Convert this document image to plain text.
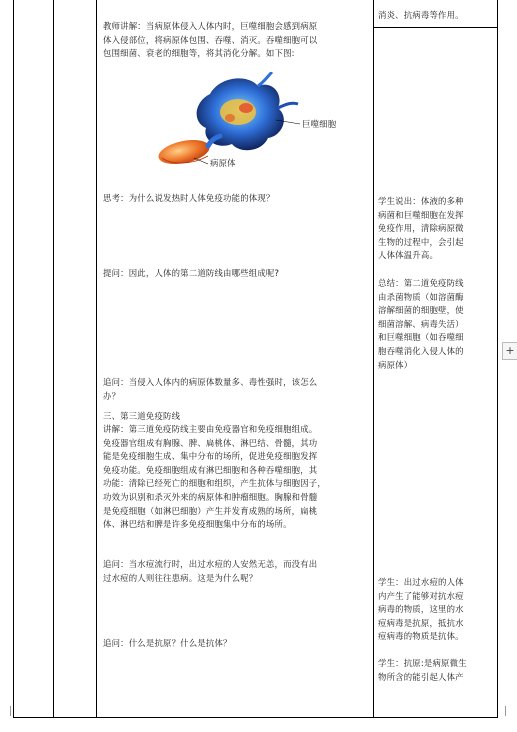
教师讲解：当病原体侵入人体内时，巨噬细胞会感到病原
体入侵部位，将病原体包围、吞噬、消灭。吞噬细胞可以
包围细菌、衰老的细胞等，将其消化分解。如下图:
巨噬细胞
病原体
思考：为什么说发热时人体免疫功能的体现？
提问：因此，人体的第二道防线由哪些组成呢?
追问：当侵入人体内的病原体数量多、毒性强时，该怎么
办？
三、第三道免疫防线
讲解：第三道免疫防线主要由免疫器官和免疫细胞组成。
免疫器官组成有胸腺、脾、扁桃体、淋巴结、骨髓，其功
能是免疫细胞生成、集中分布的场所，促进免疫细胞发挥
免疫功能。免疫细胞组成有淋巴细胞和各种吞噬细胞，其
功能：清除已经死亡的细胞和组织，产生抗体与细胞因子，
功效为识别和杀灭外来的病原体和肿瘤细胞。胸腺和骨髓
是免疫细胞（如淋巴细胞）产生并发育成熟的场所，扁桃
体、淋巴结和脾是许多免疫细胞集中分布的场所。
追问：当水痘流行时，出过水痘的人安然无恙，而没有出
过水痘的人则往往患病。这是为什么呢？
追问：什么是抗原？什么是抗体？
消炎、抗病毒等作用。
学生说出：体液的多种
病菌和巨噬细胞在发挥
免疫作用，清除病原微
生物的过程中，会引起
人体体温升高。
总结：第二道免疫防线
由杀菌物质（如溶菌酶
溶解细菌的细胞壁，使
细菌溶解、病毒失活）
和巨噬细胞（如吞噬细
胞吞噬消化入侵人体的
病原体）
学生：出过水痘的人体
内产生了能够对抗水痘
病毒的物质，这里的水
痘病毒是抗原，抵抗水
痘病毒的物质是抗体。
学生：抗原:是病原微生
物所含的能引起人体产
+
